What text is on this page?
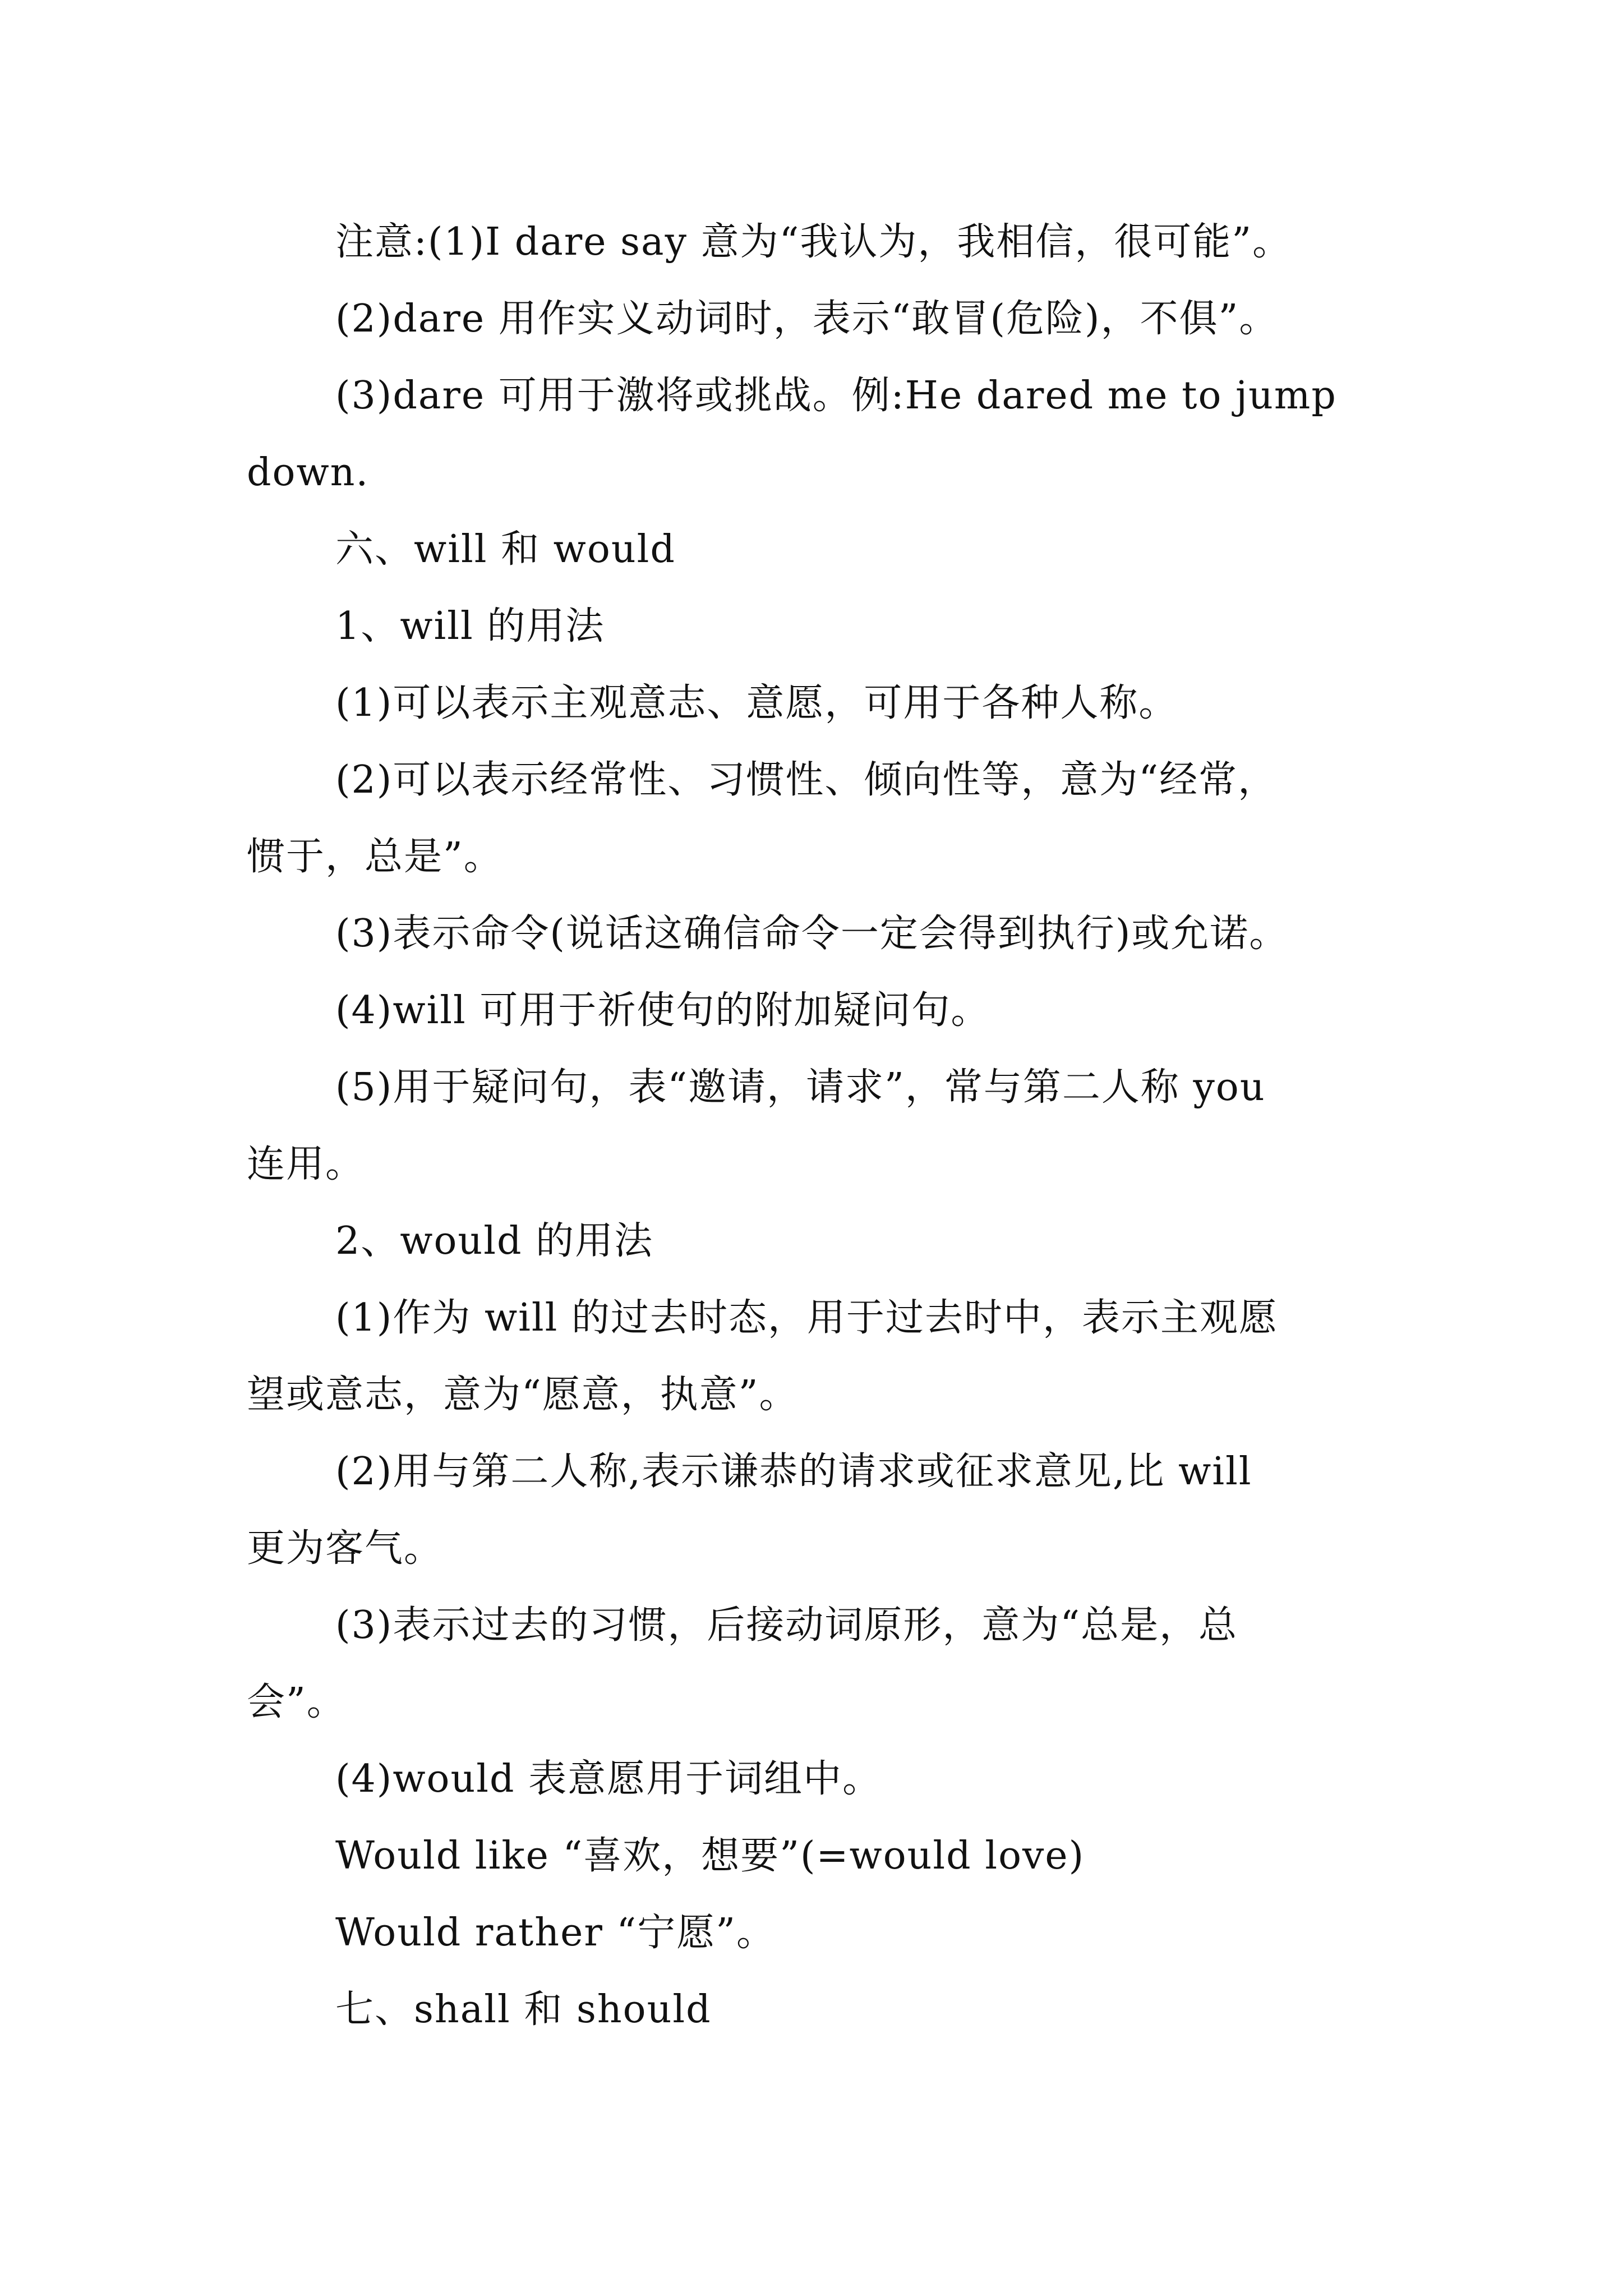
注意:(1)I dare say 意为“我认为，我相信，很可能”。
(2)dare 用作实义动词时，表示“敢冒(危险)，不俱”。
(3)dare 可用于激将或挑战。例:He dared me to jump
down.
六、will 和 would
1、will 的用法
(1)可以表示主观意志、意愿，可用于各种人称。
(2)可以表示经常性、习惯性、倾向性等，意为“经常，
惯于，总是”。
(3)表示命令(说话这确信命令一定会得到执行)或允诺。
(4)will 可用于祈使句的附加疑问句。
(5)用于疑问句，表“邀请，请求”，常与第二人称 you
连用。
2、would 的用法
(1)作为 will 的过去时态，用于过去时中，表示主观愿
望或意志，意为“愿意，执意”。
(2)用与第二人称,表示谦恭的请求或征求意见,比 will
更为客气。
(3)表示过去的习惯，后接动词原形，意为“总是，总
会”。
(4)would 表意愿用于词组中。
Would like “喜欢，想要”(=would love)
Would rather “宁愿”。
七、shall 和 should
